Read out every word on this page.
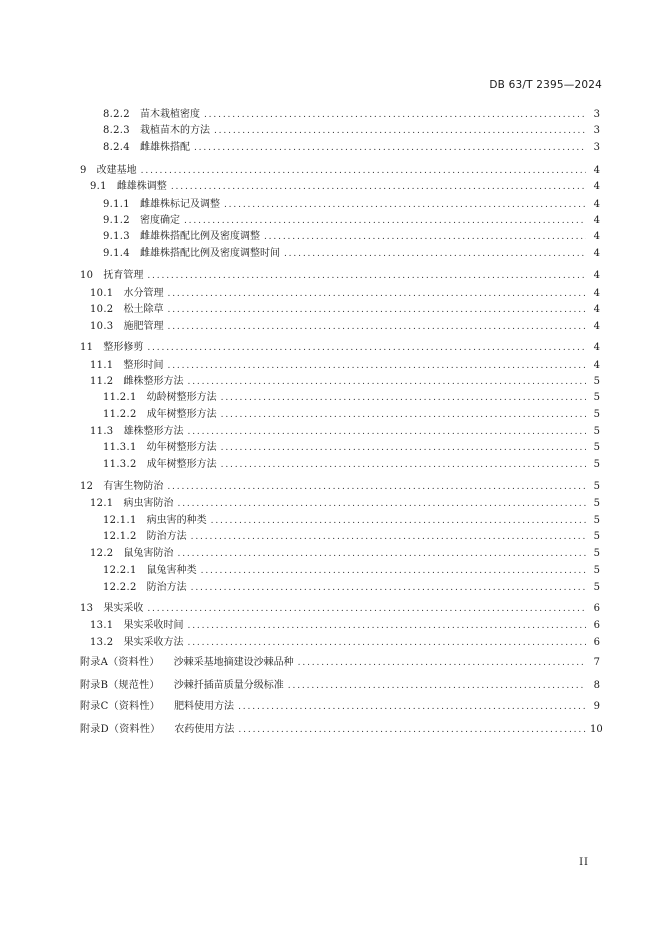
DB 63/T 2395—2024
8.2.2 苗木栽植密度 . . .	3
8.2.3 栽植苗木的方法 . . .	3
8.2.4 雌雄株搭配 . . .	3
9 改建基地 . . .	4
9.1 雌雄株调整 . . .	4
9.1.1 雌雄株标记及调整 . . .	4
9.1.2 密度确定 . . .	4
9.1.3 雌雄株搭配比例及密度调整 . . .	4
9.1.4 雌雄株搭配比例及密度调整时间 . . .	4
10 抚育管理 . . .	4
10.1 水分管理 . . .	4
10.2 松土除草 . . .	4
10.3 施肥管理 . . .	4
11 整形修剪 . . .	4
11.1 整形时间 . . .	4
11.2 雌株整形方法 . . .	5
11.2.1 幼龄树整形方法 . . .	5
11.2.2 成年树整形方法 . . .	5
11.3 雄株整形方法 . . .	5
11.3.1 幼年树整形方法 . . .	5
11.3.2 成年树整形方法 . . .	5
12 有害生物防治 . . .	5
12.1 病虫害防治 . . .	5
12.1.1 病虫害的种类 . . .	5
12.1.2 防治方法 . . .	5
12.2 鼠兔害防治 . . .	5
12.2.1 鼠兔害种类 . . .	5
12.2.2 防治方法 . . .	5
13 果实采收 . . .	6
13.1 果实采收时间 . . .	6
13.2 果实采收方法 . . .	6
附录A（资料性） 沙棘采基地摘建设沙棘品种 . . .	7
附录B（规范性） 沙棘扦插苗质量分级标准 . . .	8
附录C（资料性） 肥料使用方法 . . .	9
附录D（资料性） 农药使用方法 . . .	10
II
